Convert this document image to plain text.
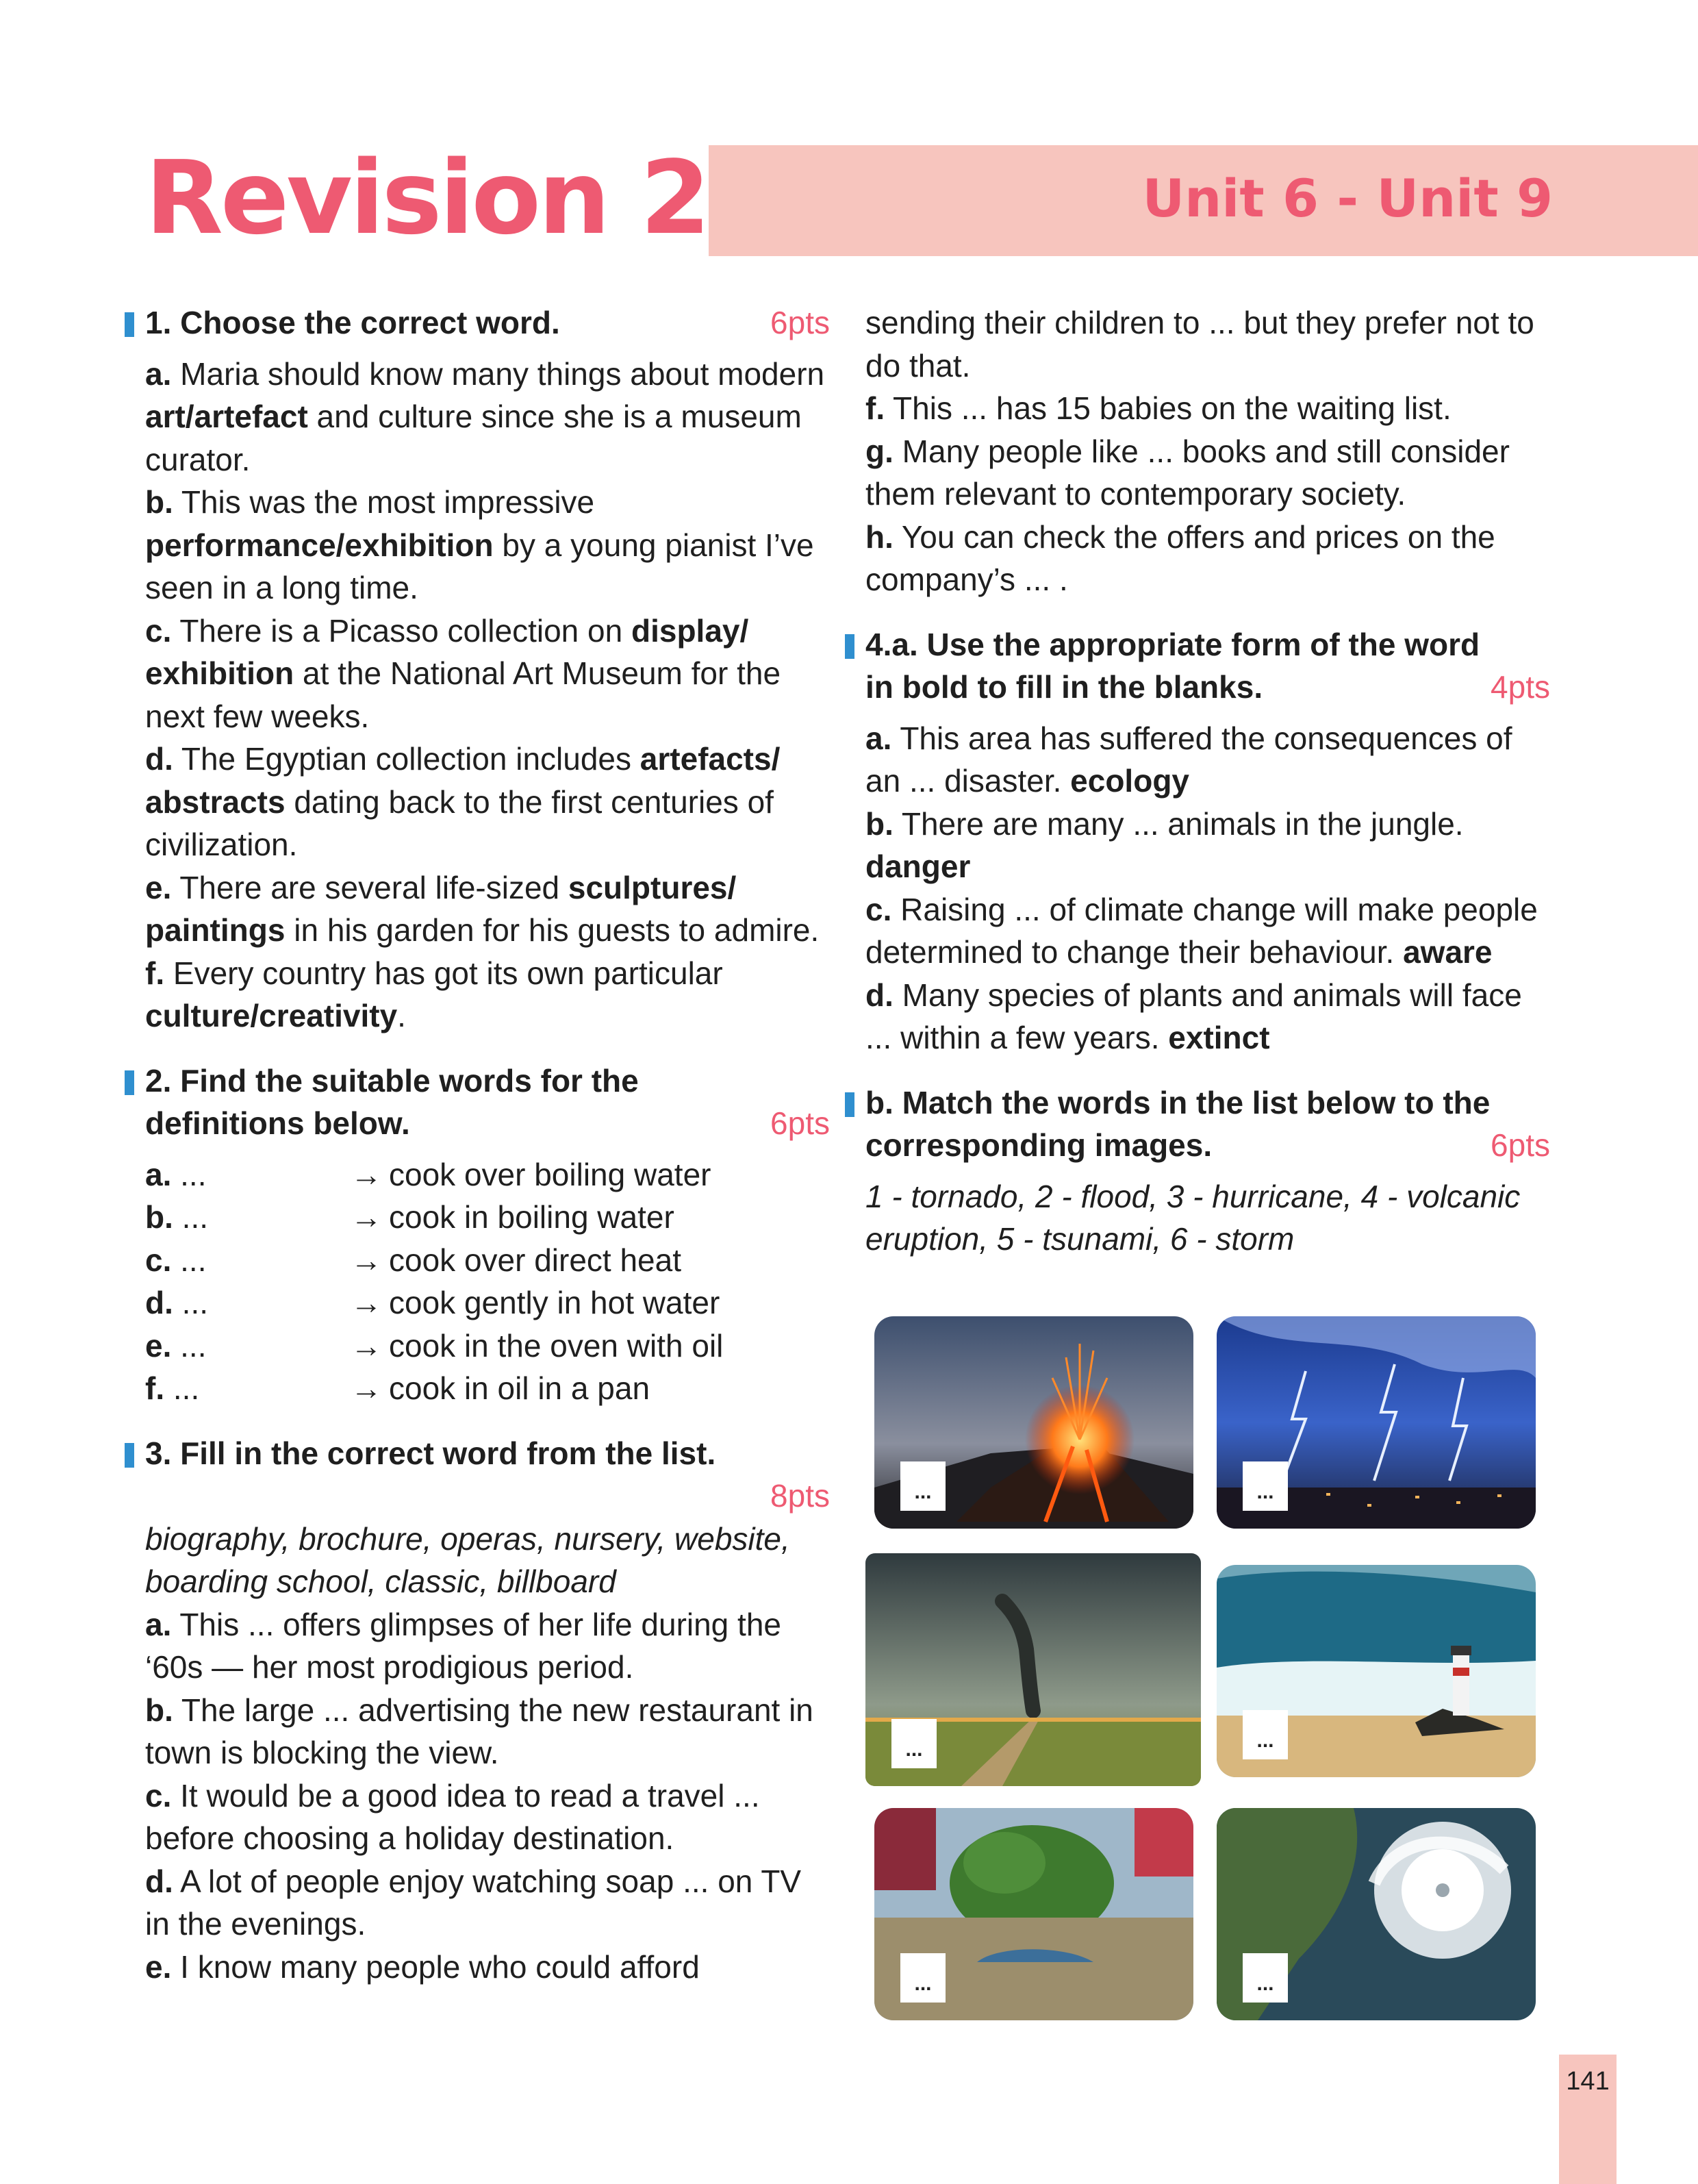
Revision 2	Unit 6 - Unit 9
1. Choose the correct word.	6pts

a. Maria should know many things about modern art/artefact and culture since she is a museum curator.

b. This was the most impressive performance/exhibition by a young pianist I’ve seen in a long time.

c. There is a Picasso collection on display/ exhibition at the National Art Museum for the next few weeks.

d. The Egyptian collection includes artefacts/ abstracts dating back to the first centuries of civilization.

e. There are several life-sized sculptures/ paintings in his garden for his guests to admire.

f. Every country has got its own particular culture/creativity.

2. Find the suitable words for the
definitions below.	6pts
a. ...	→ cook over boiling water
b. ...	→ cook in boiling water
c. ...	→ cook over direct heat
d. ...	→ cook gently in hot water
e. ...	→ cook in the oven with oil
f. ...	→ cook in oil in a pan
3. Fill in the correct word from the list.

8pts

biography, brochure, operas, nursery, website, boarding school, classic, billboard

a. This ... offers glimpses of her life during the ‘60s — her most prodigious period.

b. The large ... advertising the new restaurant in town is blocking the view.

c. It would be a good idea to read a travel ... before choosing a holiday destination.

d. A lot of people enjoy watching soap ... on TV in the evenings.

e. I know many people who could afford

sending their children to ... but they prefer not to do that.

f. This ... has 15 babies on the waiting list.

g. Many people like ... books and still consider them relevant to contemporary society.

h. You can check the offers and prices on the company’s ... .

4.a. Use the appropriate form of the word
in bold to fill in the blanks.	4pts

a. This area has suffered the consequences of an ... disaster. ecology

b. There are many ... animals in the jungle. danger

c. Raising ... of climate change will make people determined to change their behaviour. aware

d. Many species of plants and animals will face ... within a few years. extinct

b. Match the words in the list below to the
corresponding images.	6pts

1 - tornado, 2 - flood, 3 - hurricane, 4 - volcanic eruption, 5 - tsunami, 6 - storm

...	...
...	...
...	...
141
